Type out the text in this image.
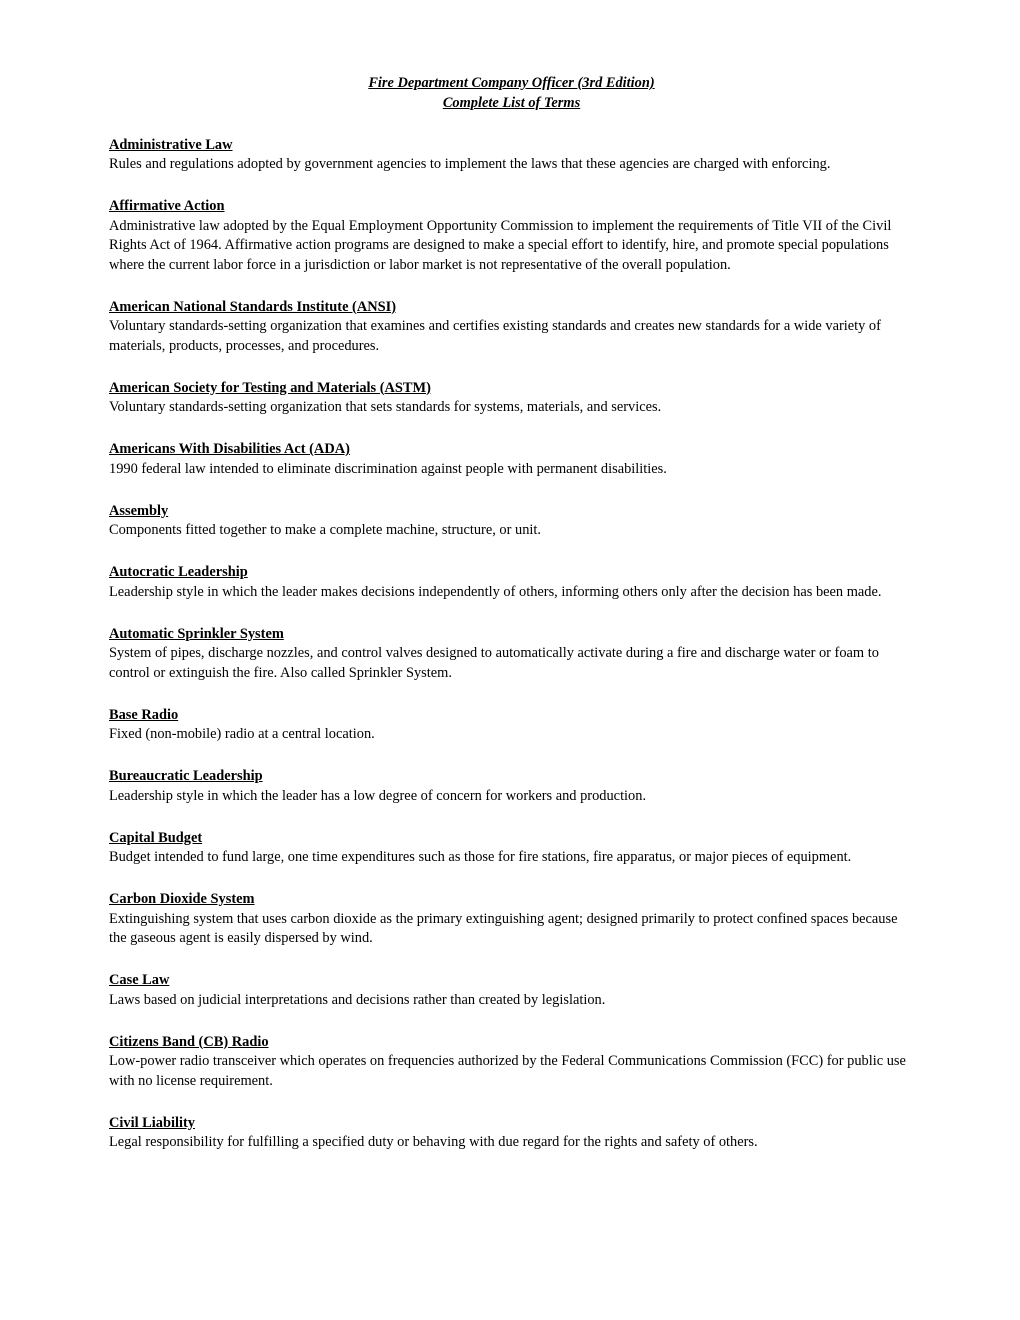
Fire Department Company Officer (3rd Edition)

Complete List of Terms

Administrative Law
Rules and regulations adopted by government agencies to implement the laws that these agencies are charged with enforcing.
Affirmative Action
Administrative law adopted by the Equal Employment Opportunity Commission to implement the requirements of Title VII of the Civil Rights Act of 1964. Affirmative action programs are designed to make a special effort to identify, hire, and promote special populations where the current labor force in a jurisdiction or labor market is not representative of the overall population.
American National Standards Institute (ANSI)
Voluntary standards-setting organization that examines and certifies existing standards and creates new standards for a wide variety of materials, products, processes, and procedures.
American Society for Testing and Materials (ASTM)
Voluntary standards-setting organization that sets standards for systems, materials, and services.
Americans With Disabilities Act (ADA)
1990 federal law intended to eliminate discrimination against people with permanent disabilities.
Assembly
Components fitted together to make a complete machine, structure, or unit.
Autocratic Leadership
Leadership style in which the leader makes decisions independently of others, informing others only after the decision has been made.
Automatic Sprinkler System
System of pipes, discharge nozzles, and control valves designed to automatically activate during a fire and discharge water or foam to control or extinguish the fire. Also called Sprinkler System.
Base Radio
Fixed (non-mobile) radio at a central location.
Bureaucratic Leadership
Leadership style in which the leader has a low degree of concern for workers and production.
Capital Budget
Budget intended to fund large, one time expenditures such as those for fire stations, fire apparatus, or major pieces of equipment.
Carbon Dioxide System
Extinguishing system that uses carbon dioxide as the primary extinguishing agent; designed primarily to protect confined spaces because the gaseous agent is easily dispersed by wind.
Case Law
Laws based on judicial interpretations and decisions rather than created by legislation.
Citizens Band (CB) Radio
Low-power radio transceiver which operates on frequencies authorized by the Federal Communications Commission (FCC) for public use with no license requirement.
Civil Liability
Legal responsibility for fulfilling a specified duty or behaving with due regard for the rights and safety of others.
